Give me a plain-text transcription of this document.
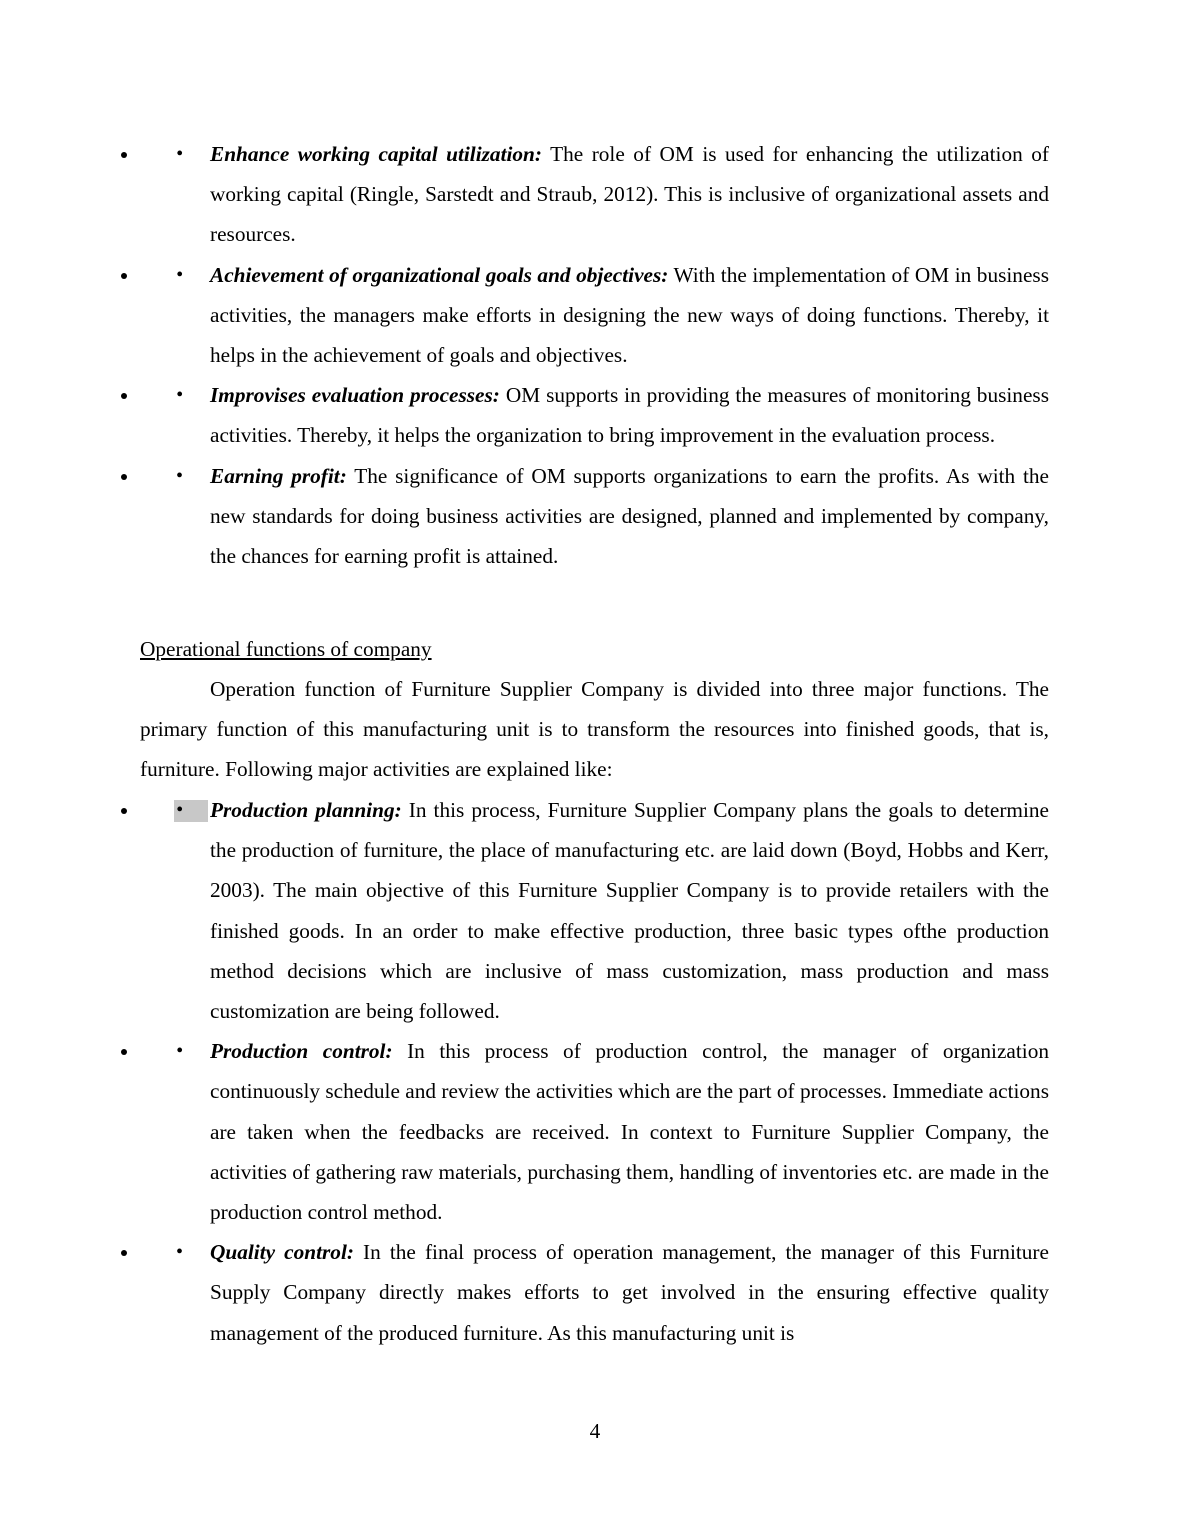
• •	Enhance working capital utilization: The role of OM is used for enhancing the utilization of working capital (Ringle, Sarstedt and Straub, 2012). This is inclusive of organizational assets and resources.
• •	Achievement of organizational goals and objectives: With the implementation of OM in business activities, the managers make efforts in designing the new ways of doing functions. Thereby, it helps in the achievement of goals and objectives.
• •	Improvises evaluation processes: OM supports in providing the measures of monitoring business activities. Thereby, it helps the organization to bring improvement in the evaluation process.
• •	Earning profit: The significance of OM supports organizations to earn the profits. As with the new standards for doing business activities are designed, planned and implemented by company, the chances for earning profit is attained.
Operational functions of company

Operation function of Furniture Supplier Company is divided into three major functions. The primary function of this manufacturing unit is to transform the resources into finished goods, that is, furniture. Following major activities are explained like:

• •	Production planning: In this process, Furniture Supplier Company plans the goals to determine the production of furniture, the place of manufacturing etc. are laid down (Boyd, Hobbs and Kerr, 2003). The main objective of this Furniture Supplier Company is to provide retailers with the finished goods. In an order to make effective production, three basic types ofthe production method decisions which are inclusive of mass customization, mass production and mass customization are being followed.
• •	Production control: In this process of production control, the manager of organization continuously schedule and review the activities which are the part of processes. Immediate actions are taken when the feedbacks are received. In context to Furniture Supplier Company, the activities of gathering raw materials, purchasing them, handling of inventories etc. are made in the production control method.
• •	Quality control: In the final process of operation management, the manager of this Furniture Supply Company directly makes efforts to get involved in the ensuring effective quality management of the produced furniture. As this manufacturing unit is
4
